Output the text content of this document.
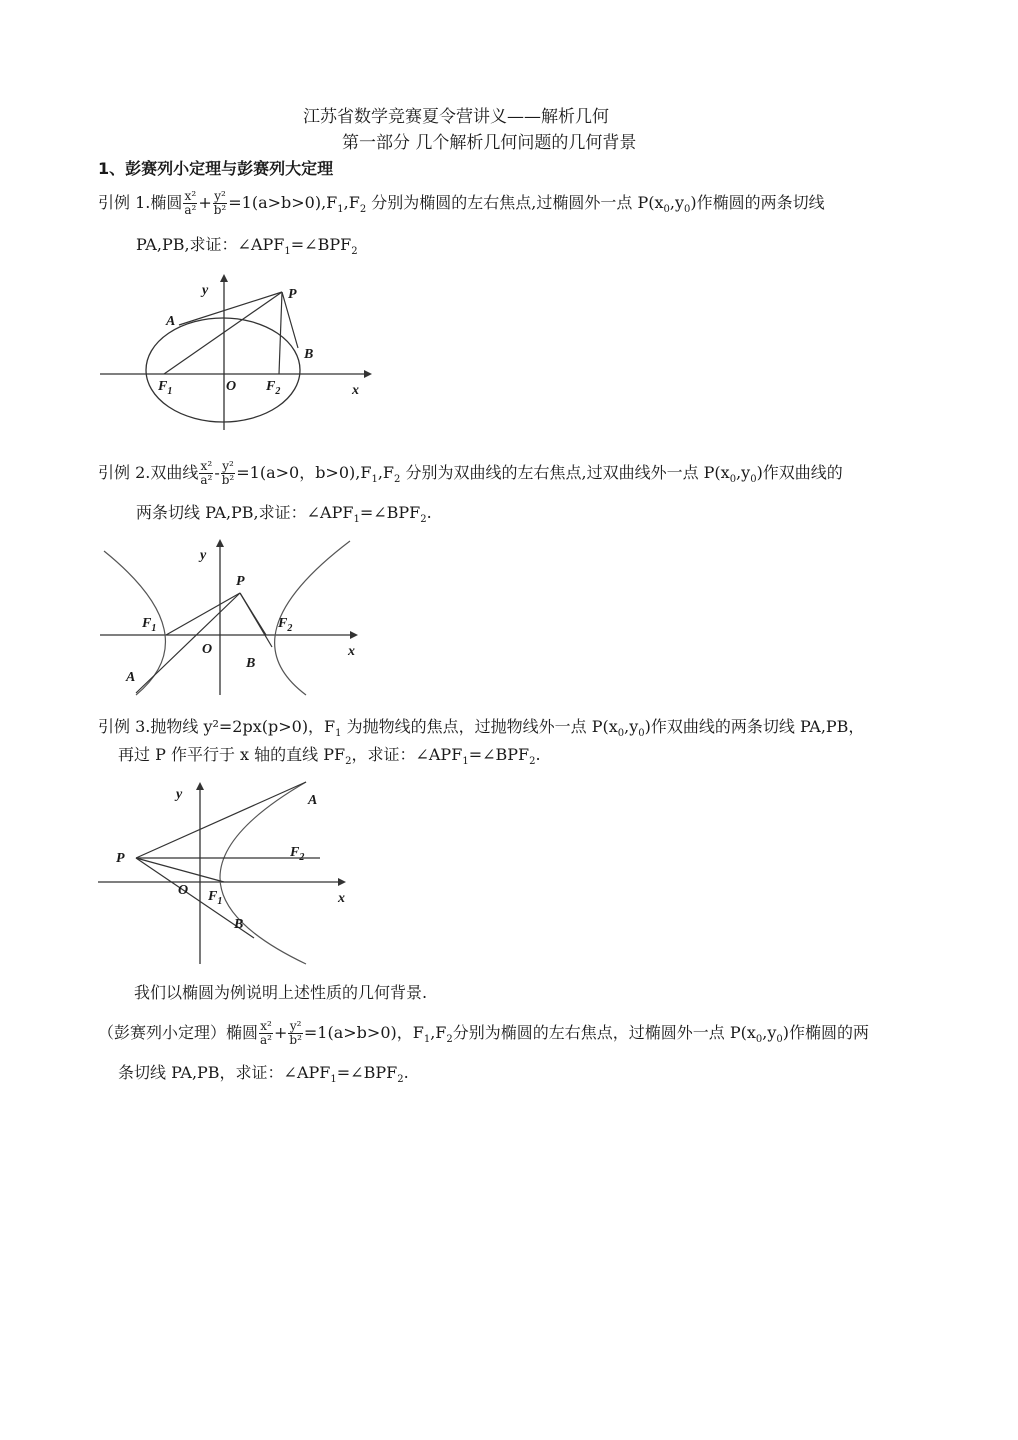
江苏省数学竞赛夏令营讲义——解析几何
第一部分 几个解析几何问题的几何背景
1、彭赛列小定理与彭赛列大定理
引例 1.椭圆 $\frac{\text{x²}}{\text{a²}} + \frac{\text{y²}}{\text{b²}} =1(a>b>0),F_1,F_2$ 分别为椭圆的左右焦点,过椭圆外一点 $P(x_0,y_0)$作椭圆的两条切线
PA,PB,求证：$\angle APF_1=\angle BPF_2$
y	P
A
B
$F_1$	O $F_2$	x
引例 2.双曲线 $\frac{\text{x²}}{\text{a²}} - \frac{\text{y²}}{\text{b²}} =1(a>0$，$b>0),F_1,F_2$ 分别为双曲线的左右焦点,过双曲线外一点 $P(x_0,y_0)$作双曲线的
两条切线 PA,PB,求证：$\angle APF_1=\angle BPF_2$.
y
P
$F_1$	$F_2$
O
B
A
x
引例 3.抛物线 y²=2px(p>0)，$F_1$ 为抛物线的焦点，过抛物线外一点 $P(x_0,y_0)$作双曲线的两条切线 PA,PB，
再过 P 作平行于 x 轴的直线 $PF_2$，求证：$\angle APF_1=\angle BPF_2$.
y	A
P	$F_2$
O $F_1$
B
x
我们以椭圆为例说明上述性质的几何背景.
（彭赛列小定理）椭圆 $\frac{\text{x²}}{\text{a²}} + \frac{\text{y²}}{\text{b²}} =1(a>b>0)$，$F_1,F_2$分别为椭圆的左右焦点，过椭圆外一点 $P(x_0,y_0)$作椭圆的两
条切线 PA,PB，求证：$\angle APF_1=\angle BPF_2$.
